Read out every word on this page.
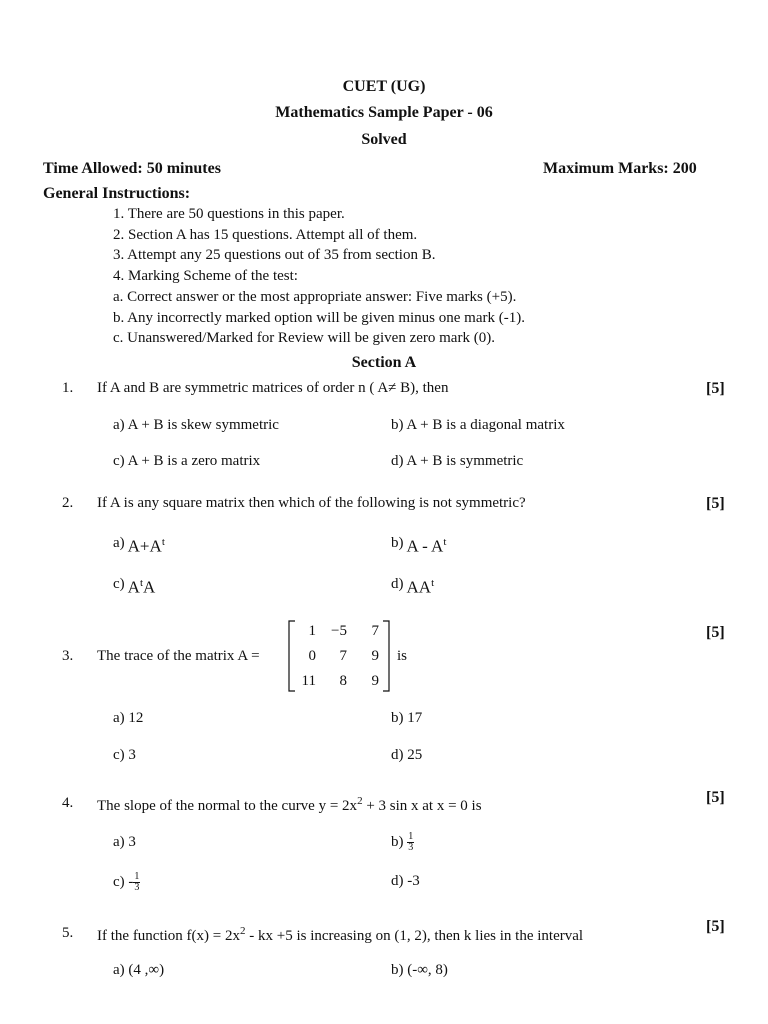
CUET (UG)
Mathematics Sample Paper - 06
Solved
Time Allowed: 50 minutes	Maximum Marks: 200
General Instructions:
1. There are 50 questions in this paper.
2. Section A has 15 questions. Attempt all of them.
3. Attempt any 25 questions out of 35 from section B.
4. Marking Scheme of the test:
a. Correct answer or the most appropriate answer: Five marks (+5).
b. Any incorrectly marked option will be given minus one mark (-1).
c. Unanswered/Marked for Review will be given zero mark (0).
Section A
1. If A and B are symmetric matrices of order n ( A≠ B), then	[5]
a) A + B is skew symmetric	b) A + B is a diagonal matrix
c) A + B is a zero matrix	d) A + B is symmetric
2. If A is any square matrix then which of the following is not symmetric?	[5]
a) $A+A^t$	b) A - $A^t$
c) $A^tA$	d) $AA^t$
3. The trace of the matrix A =
1	−5	7
0	7	9
11	8	9
is
[5]
a) 12	b) 17
c) 3	d) 25
4. The slope of the normal to the curve $y = 2x^2 + 3$ sin x at x = 0 is	[5]
a) 3	$b) \frac{1}{3}$
$c) - \frac{1}{3}$	d) -3
5. If the function $f(x) = 2x^2$ - kx +5 is increasing on (1, 2), then k lies in the interval
[5]
a) (4 ,∞)	b) (-∞, 8)
